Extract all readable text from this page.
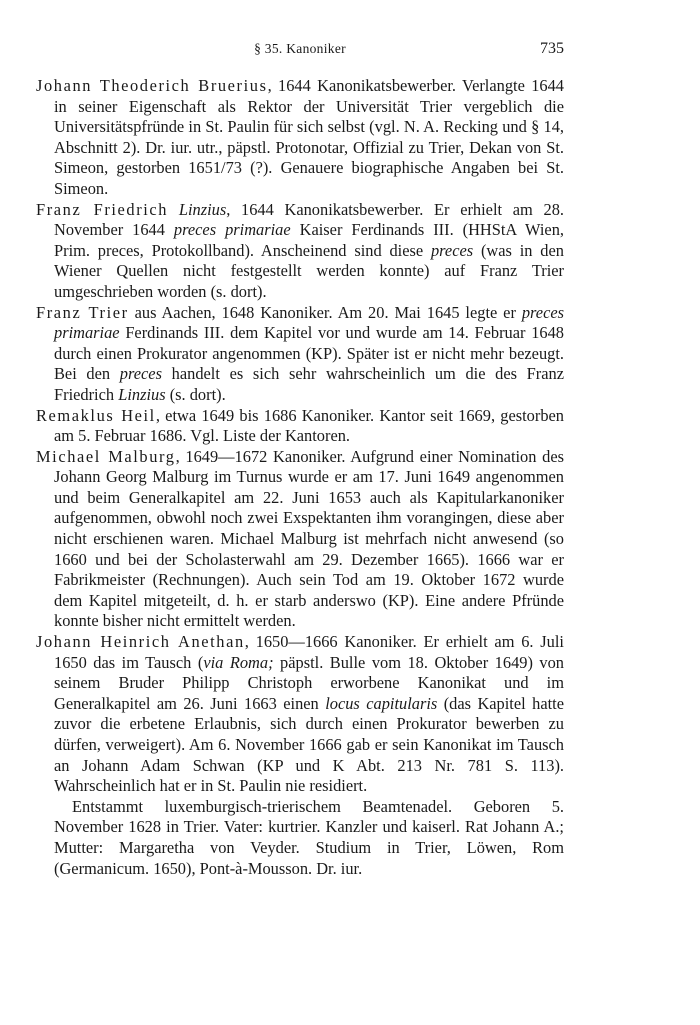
§ 35. Kanoniker	735

Johann Theoderich Bruerius, 1644 Kanonikatsbewerber. Verlangte 1644 in seiner Eigenschaft als Rektor der Universität Trier vergeblich die Universitätspfründe in St. Paulin für sich selbst (vgl. N. A. Recking und § 14, Abschnitt 2). Dr. iur. utr., päpstl. Protonotar, Offizial zu Trier, Dekan von St. Simeon, gestorben 1651/73 (?). Genauere biographische Angaben bei St. Simeon.

Franz Friedrich Linzius, 1644 Kanonikatsbewerber. Er erhielt am 28. November 1644 preces primariae Kaiser Ferdinands III. (HHStA Wien, Prim. preces, Protokollband). Anscheinend sind diese preces (was in den Wiener Quellen nicht festgestellt werden konnte) auf Franz Trier umgeschrieben worden (s. dort).

Franz Trier aus Aachen, 1648 Kanoniker. Am 20. Mai 1645 legte er preces primariae Ferdinands III. dem Kapitel vor und wurde am 14. Februar 1648 durch einen Prokurator angenommen (KP). Später ist er nicht mehr bezeugt. Bei den preces handelt es sich sehr wahrscheinlich um die des Franz Friedrich Linzius (s. dort).

Remaklus Heil, etwa 1649 bis 1686 Kanoniker. Kantor seit 1669, gestorben am 5. Februar 1686. Vgl. Liste der Kantoren.

Michael Malburg, 1649—1672 Kanoniker. Aufgrund einer Nomination des Johann Georg Malburg im Turnus wurde er am 17. Juni 1649 angenommen und beim Generalkapitel am 22. Juni 1653 auch als Kapitularkanoniker aufgenommen, obwohl noch zwei Exspektanten ihm vorangingen, diese aber nicht erschienen waren. Michael Malburg ist mehrfach nicht anwesend (so 1660 und bei der Scholasterwahl am 29. Dezember 1665). 1666 war er Fabrikmeister (Rechnungen). Auch sein Tod am 19. Oktober 1672 wurde dem Kapitel mitgeteilt, d. h. er starb anderswo (KP). Eine andere Pfründe konnte bisher nicht ermittelt werden.

Johann Heinrich Anethan, 1650—1666 Kanoniker. Er erhielt am 6. Juli 1650 das im Tausch (via Roma; päpstl. Bulle vom 18. Oktober 1649) von seinem Bruder Philipp Christoph erworbene Kanonikat und im Generalkapitel am 26. Juni 1663 einen locus capitularis (das Kapitel hatte zuvor die erbetene Erlaubnis, sich durch einen Prokurator bewerben zu dürfen, verweigert). Am 6. November 1666 gab er sein Kanonikat im Tausch an Johann Adam Schwan (KP und K Abt. 213 Nr. 781 S. 113). Wahrscheinlich hat er in St. Paulin nie residiert.

Entstammt luxemburgisch-trierischem Beamtenadel. Geboren 5. November 1628 in Trier. Vater: kurtrier. Kanzler und kaiserl. Rat Johann A.; Mutter: Margaretha von Veyder. Studium in Trier, Löwen, Rom (Germanicum. 1650), Pont-à-Mousson. Dr. iur.
